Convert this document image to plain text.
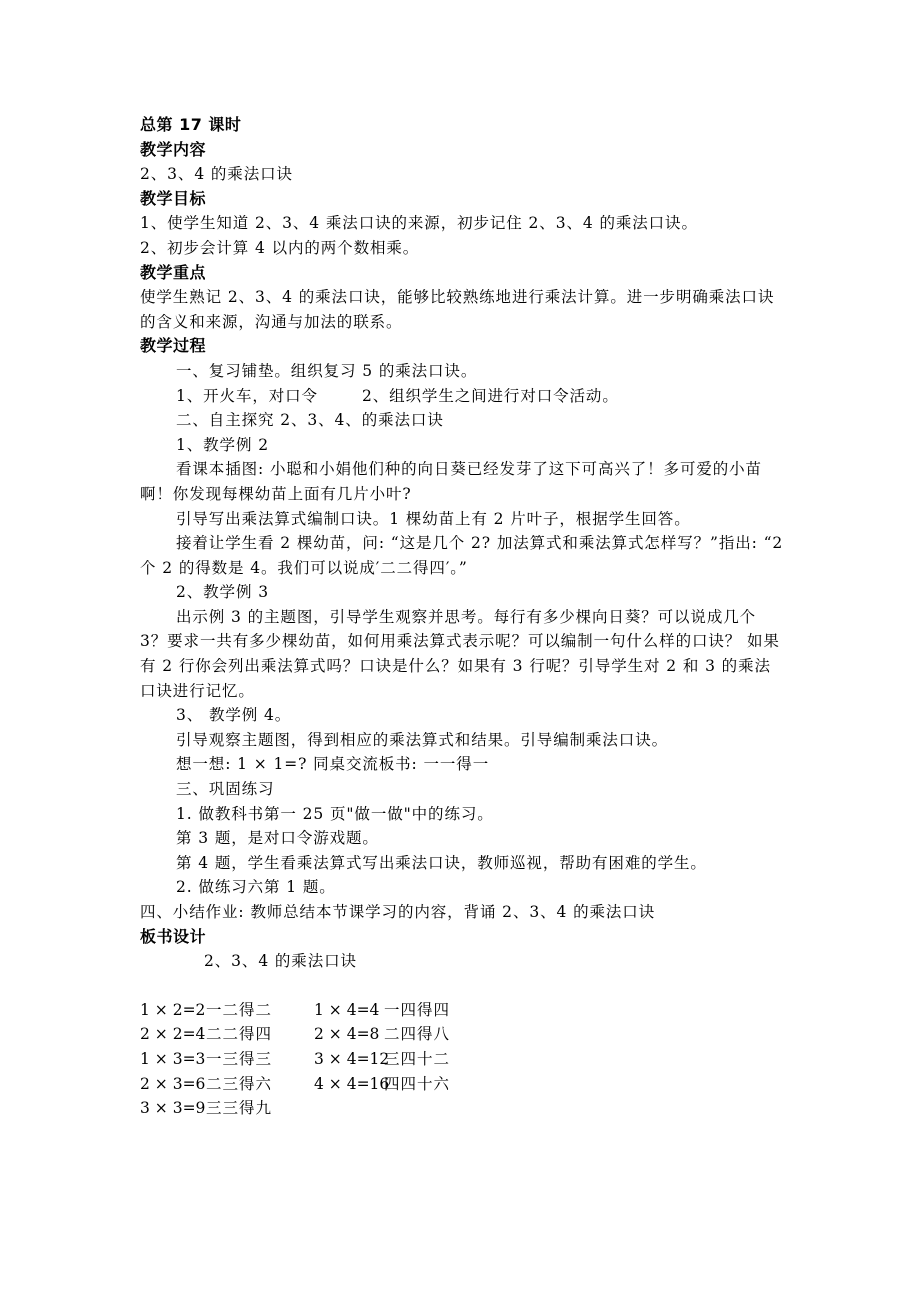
总第 17 课时
教学内容
2、3、4 的乘法口诀
教学目标
1、使学生知道 2、3、4 乘法口诀的来源，初步记住 2、3、4 的乘法口诀。
2、初步会计算 4 以内的两个数相乘。
教学重点
使学生熟记 2、3、4 的乘法口诀，能够比较熟练地进行乘法计算。进一步明确乘法口诀的含义和来源，沟通与加法的联系。
教学过程
一、复习铺垫。组织复习 5 的乘法口诀。
1、开火车，对口令	2、组织学生之间进行对口令活动。
二、自主探究 2、3、4、的乘法口诀
1、教学例 2
看课本插图: 小聪和小娟他们种的向日葵已经发芽了这下可高兴了！多可爱的小苗啊！你发现每棵幼苗上面有几片小叶?
引导写出乘法算式编制口诀。1 棵幼苗上有 2 片叶子，根据学生回答。
接着让学生看 2 棵幼苗，问: “这是几个 2? 加法算式和乘法算式怎样写？”指出: “2 个 2 的得数是 4。我们可以说成′二二得四′。”
2、教学例 3
出示例 3 的主题图，引导学生观察并思考。每行有多少棵向日葵？可以说成几个 3？要求一共有多少棵幼苗，如何用乘法算式表示呢？可以编制一句什么样的口诀？ 如果有 2 行你会列出乘法算式吗？口诀是什么？如果有 3 行呢？引导学生对 2 和 3 的乘法口诀进行记忆。
3、 教学例 4。
引导观察主题图，得到相应的乘法算式和结果。引导编制乘法口诀。
想一想: 1 × 1=? 同桌交流板书: 一一得一
三、巩固练习
1. 做教科书第一 25 页"做一做"中的练习。
第 3 题，是对口令游戏题。
第 4 题，学生看乘法算式写出乘法口诀，教师巡视，帮助有困难的学生。
2. 做练习六第 1 题。
四、小结作业: 教师总结本节课学习的内容，背诵 2、3、4 的乘法口诀
板书设计
2、3、4 的乘法口诀
1 × 2=2一二得二	1 × 4=4 一四得四
2 × 2=4二二得四	2 × 4=8 二四得八
1 × 3=3一三得三	3 × 4=12三四十二
2 × 3=6二三得六	4 × 4=16四四十六
3 × 3=9三三得九
